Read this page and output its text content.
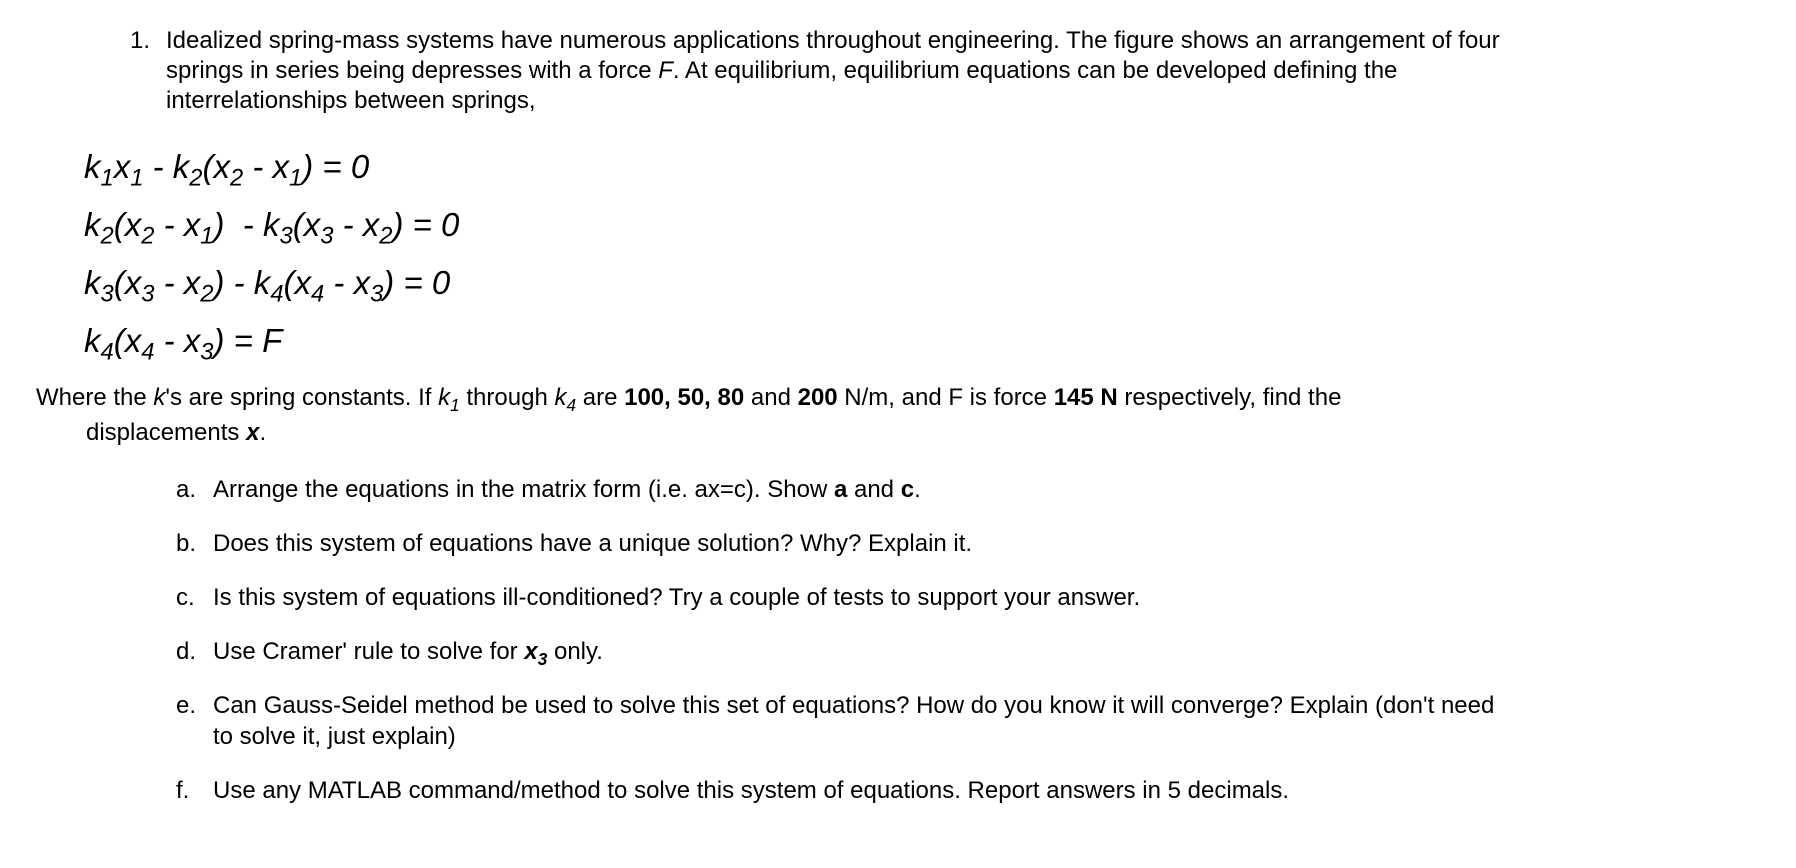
1. Idealized spring-mass systems have numerous applications throughout engineering. The figure shows an arrangement of four
springs in series being depresses with a force F. At equilibrium, equilibrium equations can be developed defining the
interrelationships between springs,
$k_1x_1 - k_2(x_2 - x_1) = 0$
$k_2(x_2 - x_1) - k_3(x_3 - x_2) = 0$
$k_3(x_3 - x_2) - k_4(x_4 - x_3) = 0$
$k_4(x_4 - x_3) = F$
Where the k's are spring constants. If $k_1$ through $k_4$ are 100, 50, 80 and 200 N/m, and F is force 145 N respectively, find the
displacements x.
a. Arrange the equations in the matrix form (i.e. ax=c). Show a and c.
b. Does this system of equations have a unique solution? Why? Explain it.
c. Is this system of equations ill-conditioned? Try a couple of tests to support your answer.
d. Use Cramer' rule to solve for $x_3$ only.
e. Can Gauss-Seidel method be used to solve this set of equations? How do you know it will converge? Explain (don't need to solve it, just explain)
f. Use any MATLAB command/method to solve this system of equations. Report answers in 5 decimals.
